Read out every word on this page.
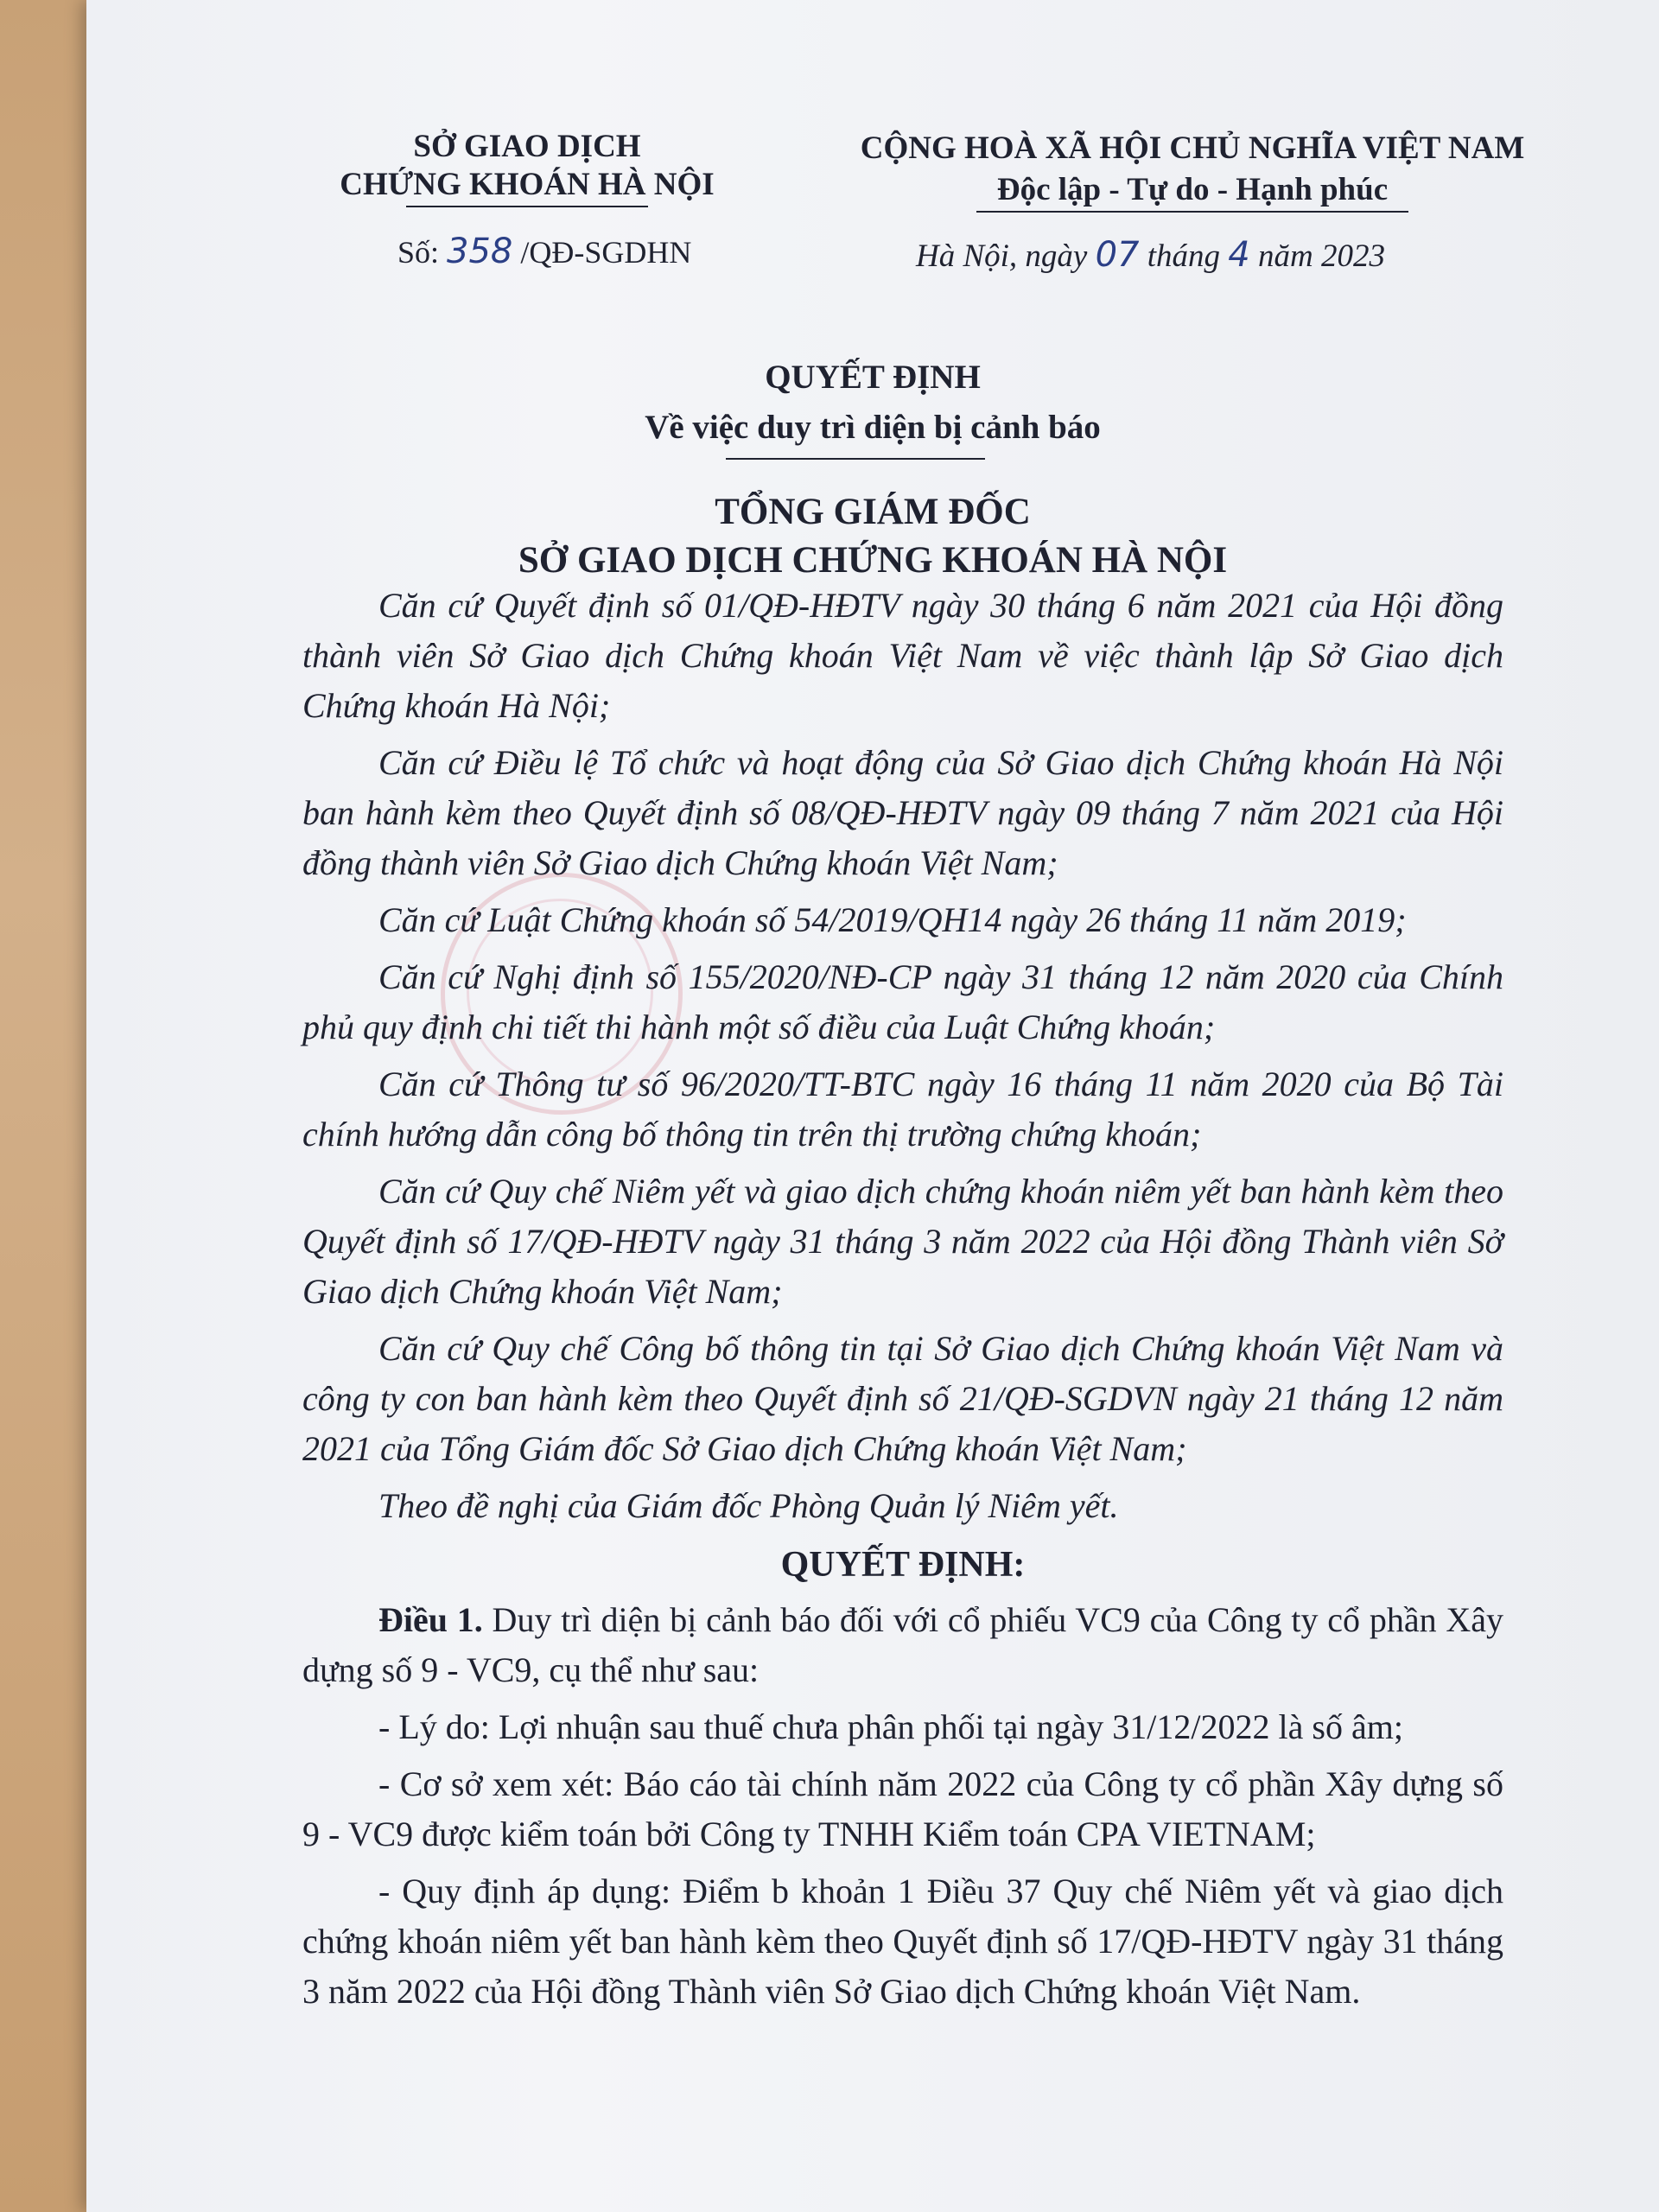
SỞ GIAO DỊCH
CHỨNG KHOÁN HÀ NỘI
Số: 358 /QĐ-SGDHN
CỘNG HOÀ XÃ HỘI CHỦ NGHĨA VIỆT NAM
Độc lập - Tự do - Hạnh phúc
Hà Nội, ngày 07 tháng 4 năm 2023
QUYẾT ĐỊNH
Về việc duy trì diện bị cảnh báo
TỔNG GIÁM ĐỐC
SỞ GIAO DỊCH CHỨNG KHOÁN HÀ NỘI

Căn cứ Quyết định số 01/QĐ-HĐTV ngày 30 tháng 6 năm 2021 của Hội đồng thành viên Sở Giao dịch Chứng khoán Việt Nam về việc thành lập Sở Giao dịch Chứng khoán Hà Nội;

Căn cứ Điều lệ Tổ chức và hoạt động của Sở Giao dịch Chứng khoán Hà Nội ban hành kèm theo Quyết định số 08/QĐ-HĐTV ngày 09 tháng 7 năm 2021 của Hội đồng thành viên Sở Giao dịch Chứng khoán Việt Nam;

Căn cứ Luật Chứng khoán số 54/2019/QH14 ngày 26 tháng 11 năm 2019;

Căn cứ Nghị định số 155/2020/NĐ-CP ngày 31 tháng 12 năm 2020 của Chính phủ quy định chi tiết thi hành một số điều của Luật Chứng khoán;

Căn cứ Thông tư số 96/2020/TT-BTC ngày 16 tháng 11 năm 2020 của Bộ Tài chính hướng dẫn công bố thông tin trên thị trường chứng khoán;

Căn cứ Quy chế Niêm yết và giao dịch chứng khoán niêm yết ban hành kèm theo Quyết định số 17/QĐ-HĐTV ngày 31 tháng 3 năm 2022 của Hội đồng Thành viên Sở Giao dịch Chứng khoán Việt Nam;

Căn cứ Quy chế Công bố thông tin tại Sở Giao dịch Chứng khoán Việt Nam và công ty con ban hành kèm theo Quyết định số 21/QĐ-SGDVN ngày 21 tháng 12 năm 2021 của Tổng Giám đốc Sở Giao dịch Chứng khoán Việt Nam;

Theo đề nghị của Giám đốc Phòng Quản lý Niêm yết.

QUYẾT ĐỊNH:

Điều 1. Duy trì diện bị cảnh báo đối với cổ phiếu VC9 của Công ty cổ phần Xây dựng số 9 - VC9, cụ thể như sau:

- Lý do: Lợi nhuận sau thuế chưa phân phối tại ngày 31/12/2022 là số âm;

- Cơ sở xem xét: Báo cáo tài chính năm 2022 của Công ty cổ phần Xây dựng số 9 - VC9 được kiểm toán bởi Công ty TNHH Kiểm toán CPA VIETNAM;

- Quy định áp dụng: Điểm b khoản 1 Điều 37 Quy chế Niêm yết và giao dịch chứng khoán niêm yết ban hành kèm theo Quyết định số 17/QĐ-HĐTV ngày 31 tháng 3 năm 2022 của Hội đồng Thành viên Sở Giao dịch Chứng khoán Việt Nam.
